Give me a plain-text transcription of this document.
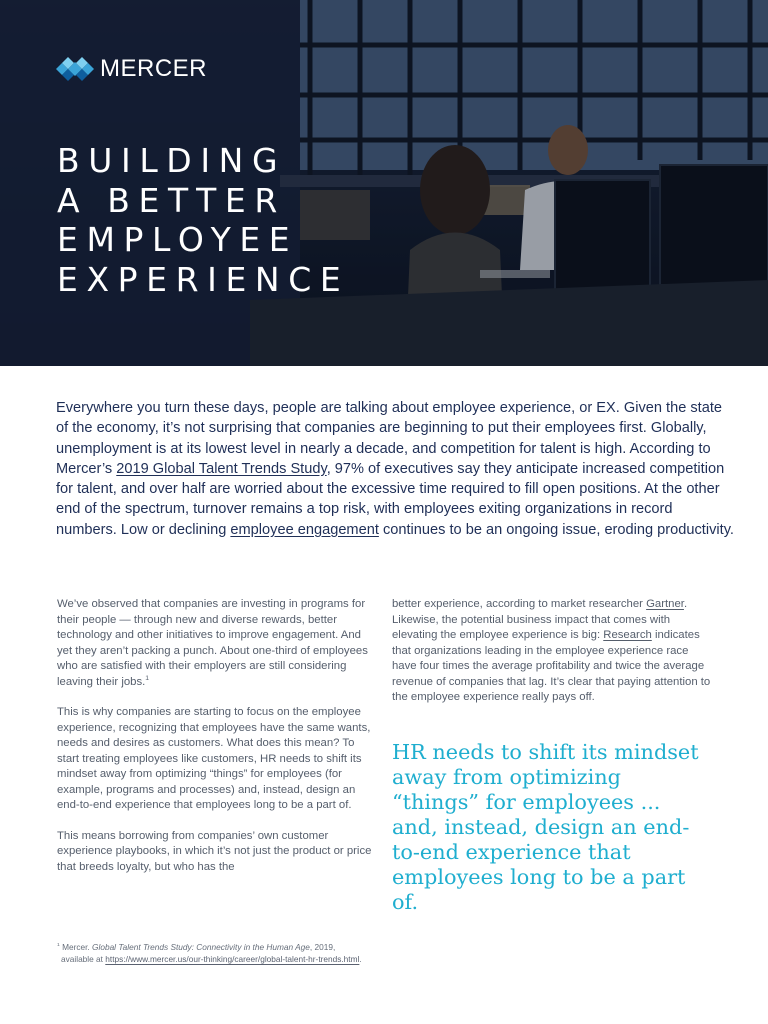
MERCER
BUILDING
A BETTER
EMPLOYEE
EXPERIENCE

Everywhere you turn these days, people are talking about employee experience, or EX. Given the state of the economy, it’s not surprising that companies are beginning to put their employees first. Globally, unemployment is at its lowest level in nearly a decade, and competition for talent is high. According to Mercer’s 2019 Global Talent Trends Study, 97% of executives say they anticipate increased competition for talent, and over half are worried about the excessive time required to fill open positions. At the other end of the spectrum, turnover remains a top risk, with employees exiting organizations in record numbers. Low or declining employee engagement continues to be an ongoing issue, eroding productivity.

We’ve observed that companies are investing in programs for their people — through new and diverse rewards, better technology and other initiatives to improve engagement. And yet they aren’t packing a punch. About one-third of employees who are satisfied with their employers are still considering leaving their jobs.$^1$

This is why companies are starting to focus on the employee experience, recognizing that employees have the same wants, needs and desires as customers. What does this mean? To start treating employees like customers, HR needs to shift its mindset away from optimizing “things” for employees (for example, programs and processes) and, instead, design an end-to-end experience that employees long to be a part of.

This means borrowing from companies’ own customer experience playbooks, in which it’s not just the product or price that breeds loyalty, but who has the

better experience, according to market researcher Gartner. Likewise, the potential business impact that comes with elevating the employee experience is big: Research indicates that organizations leading in the employee experience race have four times the average profitability and twice the average revenue of companies that lag. It’s clear that paying attention to the employee experience really pays off.

HR needs to shift its mindset away from optimizing “things” for employees ... and, instead, design an end-to-end experience that employees long to be a part of.

$^1$ Mercer. Global Talent Trends Study: Connectivity in the Human Age, 2019,
available at https://www.mercer.us/our-thinking/career/global-talent-hr-trends.html.
